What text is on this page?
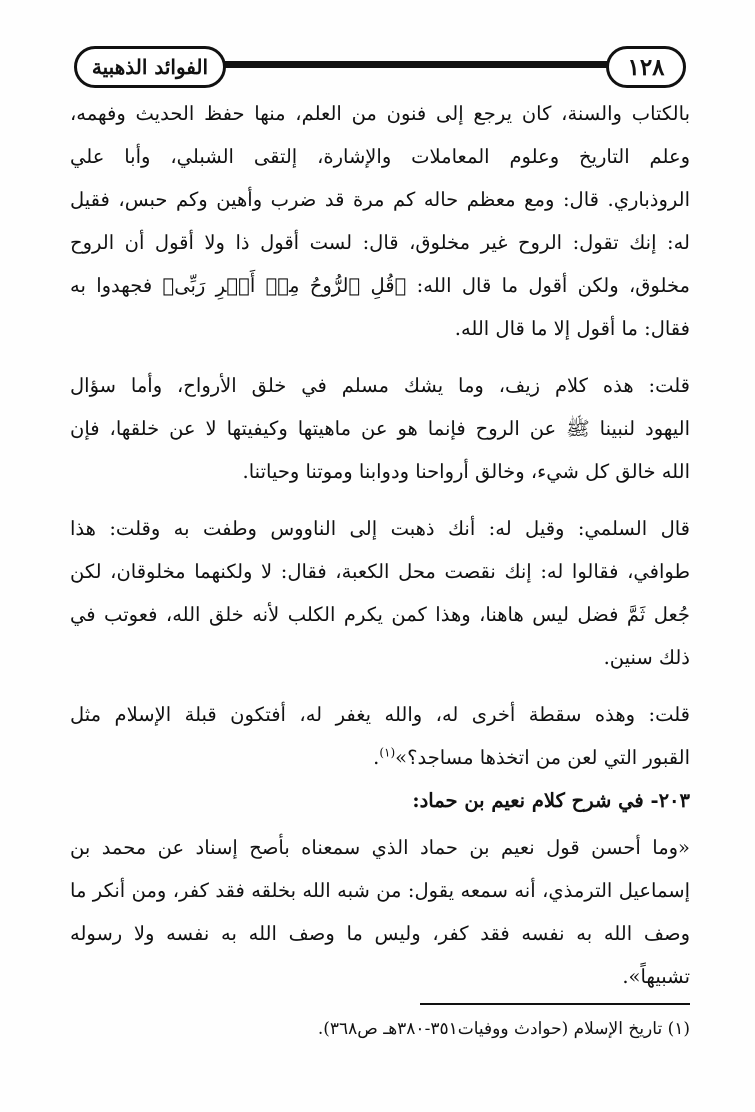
١٢٨
الفوائد الذهبية
بالكتاب والسنة، كان يرجع إلى فنون من العلم، منها حفظ الحديث وفهمه،
وعلم التاريخ وعلوم المعاملات والإشارة، إلتقى الشبلي، وأبا علي
الروذباري. قال: ومع معظم حاله كم مرة قد ضرب وأهين وكم حبس، فقيل
له: إنك تقول: الروح غير مخلوق، قال: لست أقول ذا ولا أقول أن الروح
مخلوق، ولكن أقول ما قال الله: ﴿قُلِ ٱلرُّوحُ مِنۡ أَمۡرِ رَبِّى﴾ فجهدوا به
فقال: ما أقول إلا ما قال الله.
قلت: هذه كلام زيف، وما يشك مسلم في خلق الأرواح، وأما سؤال
اليهود لنبينا ﷺ عن الروح فإنما هو عن ماهيتها وكيفيتها لا عن خلقها، فإن
الله خالق كل شيء، وخالق أرواحنا ودوابنا وموتنا وحياتنا.
قال السلمي: وقيل له: أنك ذهبت إلى الناووس وطفت به وقلت: هذا
طوافي، فقالوا له: إنك نقصت محل الكعبة، فقال: لا ولكنهما مخلوقان، لكن
جُعل ثَمَّ فضل ليس هاهنا، وهذا كمن يكرم الكلب لأنه خلق الله، فعوتب في
ذلك سنين.
قلت: وهذه سقطة أخرى له، والله يغفر له، أفتكون قبلة الإسلام مثل
القبور التي لعن من اتخذها مساجد؟»$^{(١)}$.
٢٠٣- في شرح كلام نعيم بن حماد:
«وما أحسن قول نعيم بن حماد الذي سمعناه بأصح إسناد عن محمد بن
إسماعيل الترمذي، أنه سمعه يقول: من شبه الله بخلقه فقد كفر، ومن أنكر ما
وصف الله به نفسه فقد كفر، وليس ما وصف الله به نفسه ولا رسوله
تشبيهاً».
(١) تاريخ الإسلام (حوادث ووفيات٣٥١-٣٨٠هـ ص٣٦٨).
